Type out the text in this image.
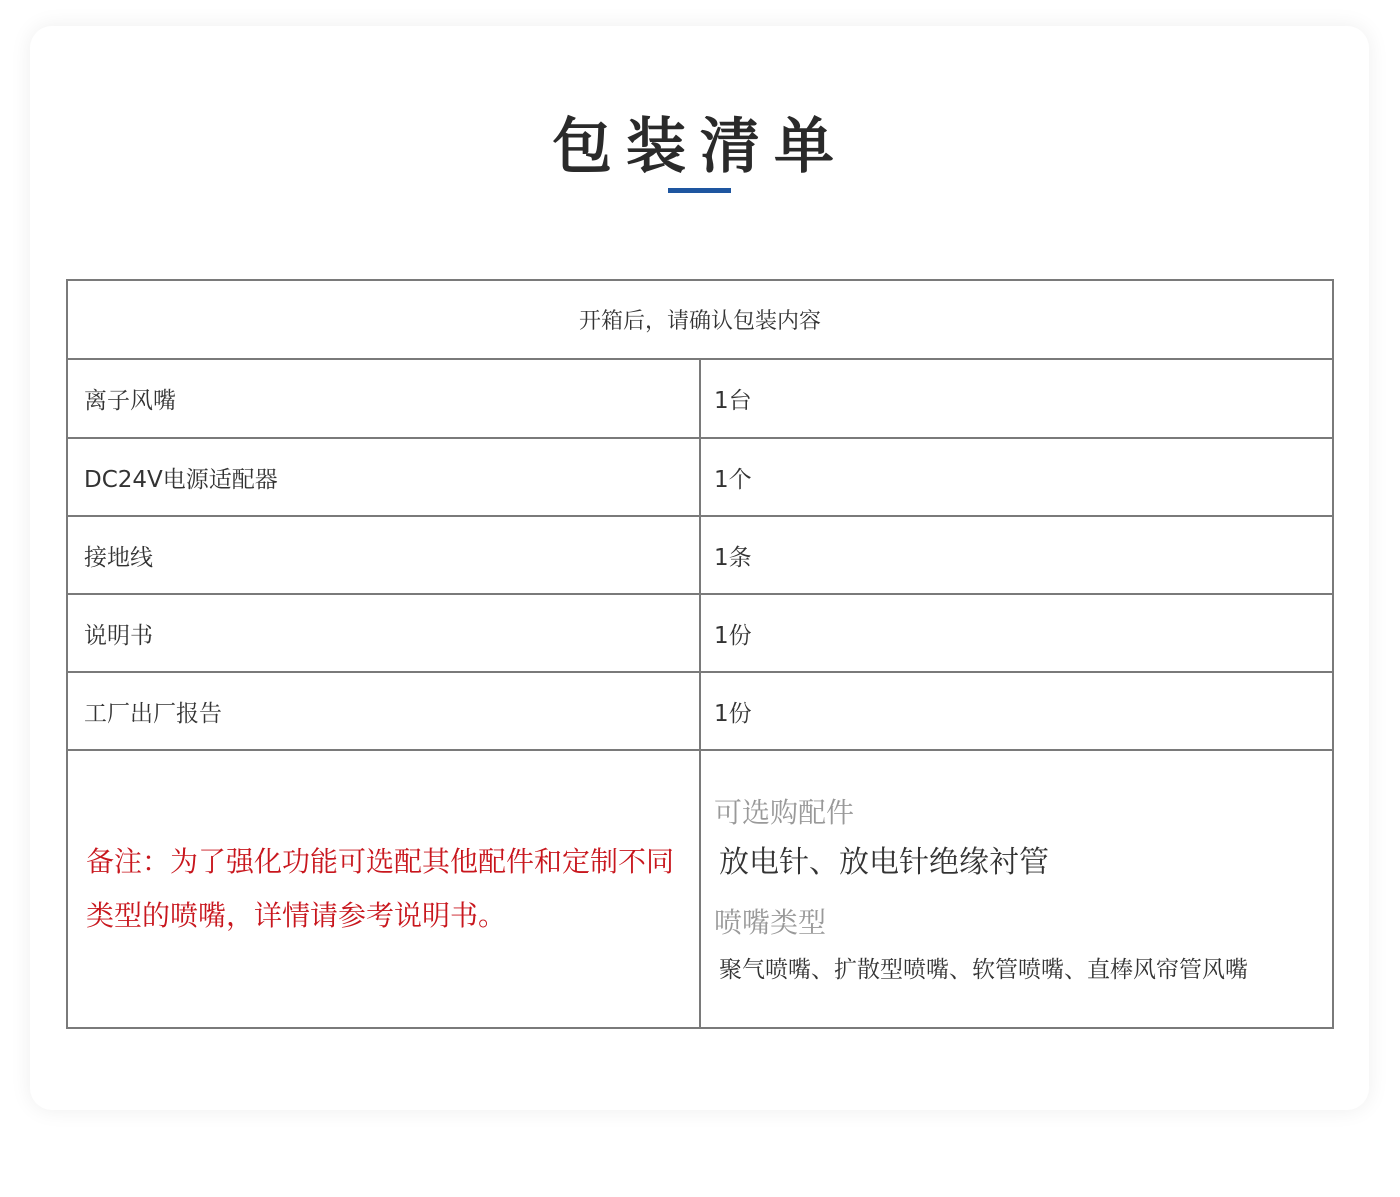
包装清单
开箱后，请确认包装内容
离子风嘴	1台
DC24V电源适配器	1个
接地线	1条
说明书	1份
工厂出厂报告	1份
备注：为了强化功能可选配其他配件和定制不同类型的喷嘴，详情请参考说明书。
可选购配件
放电针、放电针绝缘衬管
喷嘴类型
聚气喷嘴、扩散型喷嘴、软管喷嘴、直棒风帘管风嘴
